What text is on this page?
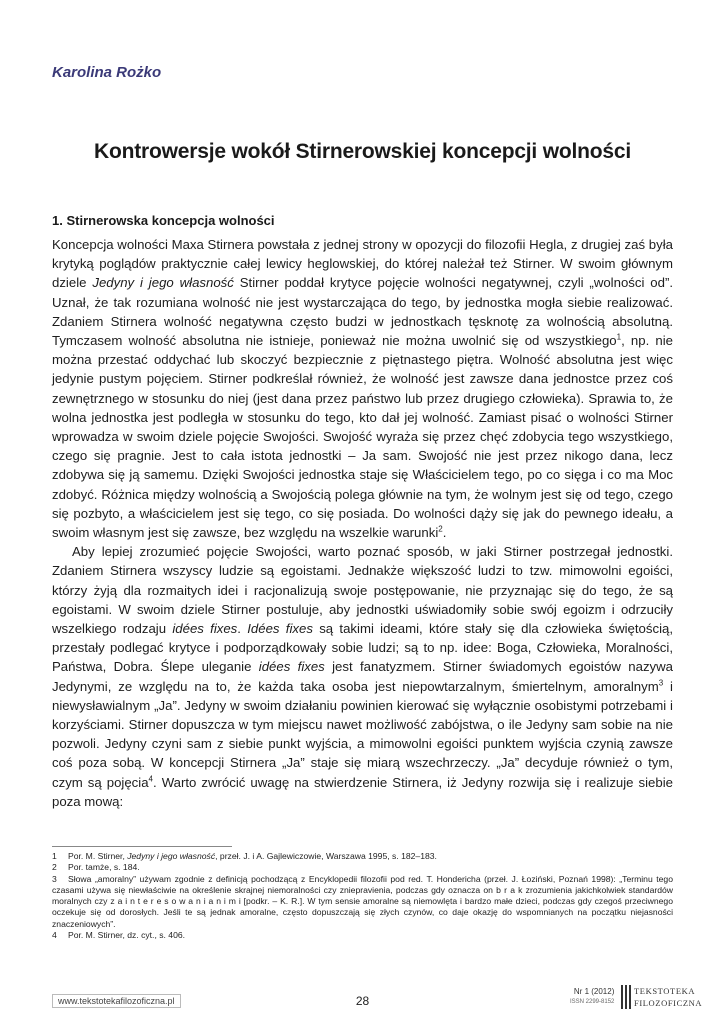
Karolina Rożko
Kontrowersje wokół Stirnerowskiej koncepcji wolności
1. Stirnerowska koncepcja wolności

Koncepcja wolności Maxa Stirnera powstała z jednej strony w opozycji do filozofii Hegla, z drugiej zaś była krytyką poglądów praktycznie całej lewicy heglowskiej, do której należał też Stirner. W swoim głównym dziele Jedyny i jego własność Stirner poddał krytyce pojęcie wolności negatywnej, czyli „wolności od”. Uznał, że tak rozumiana wolność nie jest wystarczająca do tego, by jednostka mogła siebie realizować. Zdaniem Stirnera wolność negatywna często budzi w jednostkach tęsknotę za wolnością absolutną. Tymczasem wolność absolutna nie istnieje, ponieważ nie można uwolnić się od wszystkiego$^1$, np. nie można przestać oddychać lub skoczyć bezpiecznie z piętnastego piętra. Wolność absolutna jest więc jedynie pustym pojęciem. Stirner podkreślał również, że wolność jest zawsze dana jednostce przez coś zewnętrznego w stosunku do niej (jest dana przez państwo lub przez drugiego człowieka). Sprawia to, że wolna jednostka jest podległa w stosunku do tego, kto dał jej wolność. Zamiast pisać o wolności Stirner wprowadza w swoim dziele pojęcie Swojości. Swojość wyraża się przez chęć zdobycia tego wszystkiego, czego się pragnie. Jest to cała istota jednostki – Ja sam. Swojość nie jest przez nikogo dana, lecz zdobywa się ją samemu. Dzięki Swojości jednostka staje się Właścicielem tego, po co sięga i co ma Moc zdobyć. Różnica między wolnością a Swojością polega głównie na tym, że wolnym jest się od tego, czego się pozbyto, a właścicielem jest się tego, co się posiada. Do wolności dąży się jak do pewnego ideału, a swoim własnym jest się zawsze, bez względu na wszelkie warunki$^2$.

Aby lepiej zrozumieć pojęcie Swojości, warto poznać sposób, w jaki Stirner postrzegał jednostki. Zdaniem Stirnera wszyscy ludzie są egoistami. Jednakże większość ludzi to tzw. mimowolni egoiści, którzy żyją dla rozmaitych idei i racjonalizują swoje postępowanie, nie przyznając się do tego, że są egoistami. W swoim dziele Stirner postuluje, aby jednostki uświadomiły sobie swój egoizm i odrzuciły wszelkiego rodzaju idées fixes. Idées fixes są takimi ideami, które stały się dla człowieka świętością, przestały podlegać krytyce i podporządkowały sobie ludzi; są to np. idee: Boga, Człowieka, Moralności, Państwa, Dobra. Ślepe uleganie idées fixes jest fanatyzmem. Stirner świadomych egoistów nazywa Jedynymi, ze względu na to, że każda taka osoba jest niepowtarzalnym, śmiertelnym, amoralnym$^3$ i niewysławialnym „Ja”. Jedyny w swoim działaniu powinien kierować się wyłącznie osobistymi potrzebami i korzyściami. Stirner dopuszcza w tym miejscu nawet możliwość zabójstwa, o ile Jedyny sam sobie na nie pozwoli. Jedyny czyni sam z siebie punkt wyjścia, a mimowolni egoiści punktem wyjścia czynią zawsze coś poza sobą. W koncepcji Stirnera „Ja” staje się miarą wszechrzeczy. „Ja” decyduje również o tym, czym są pojęcia$^4$. Warto zwrócić uwagę na stwierdzenie Stirnera, iż Jedyny rozwija się i realizuje siebie poza mową:

1 Por. M. Stirner, Jedyny i jego własność, przeł. J. i A. Gajlewiczowie, Warszawa 1995, s. 182–183.

2 Por. tamże, s. 184.

3 Słowa „amoralny” używam zgodnie z definicją pochodzącą z Encyklopedii filozofii pod red. T. Hondericha (przeł. J. Łoziński, Poznań 1998): „Terminu tego czasami używa się niewłaściwie na określenie skrajnej niemoralności czy zniepravienia, podczas gdy oznacza on b r a k zrozumienia jakichkolwiek standardów moralnych czy z a i n t e r e s o w a n i a n i m i [podkr. – K. R.]. W tym sensie amoralne są niemowlęta i bardzo małe dzieci, podczas gdy czegoś przeciwnego oczekuje się od dorosłych. Jeśli te są jednak amoralne, często dopuszczają się złych czynów, co daje okazję do wspomnianych na początku niejasności znaczeniowych”.

4 Por. M. Stirner, dz. cyt., s. 406.

www.tekstotekafilozoficzna.pl	28
Nr 1 (2012)
ISSN 2299-8152
TEKSTOTEKA
FILOZOFICZNA
